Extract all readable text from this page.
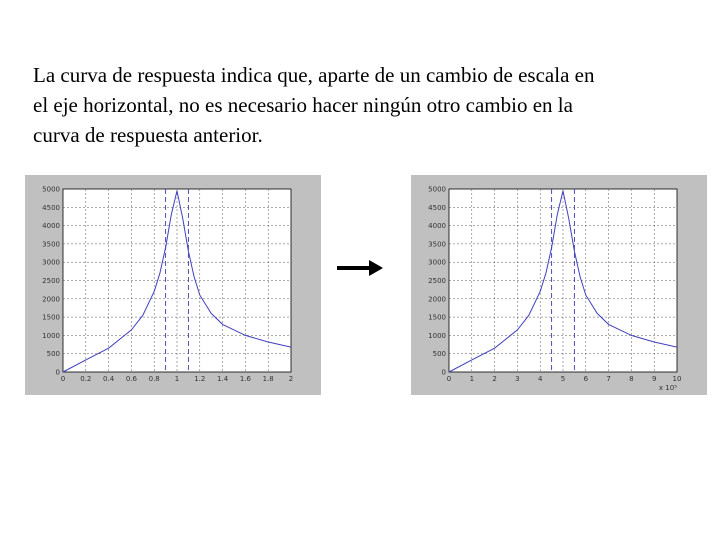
La curva de respuesta indica que, aparte de un cambio de escala en
el eje horizontal, no es necesario hacer ningún otro cambio en la
curva de respuesta anterior.
0 0.2 0.4 0.6 0.8 1 1.2 1.4 1.6 1.8 2
0
500
1000
1500
2000
2500
3000
3500
4000
4500
5000
0	1	2	3	4	5	6	7	8	9 10
0
500
1000
1500
2000
2500
3000
3500
4000
4500
5000
x 10⁵
